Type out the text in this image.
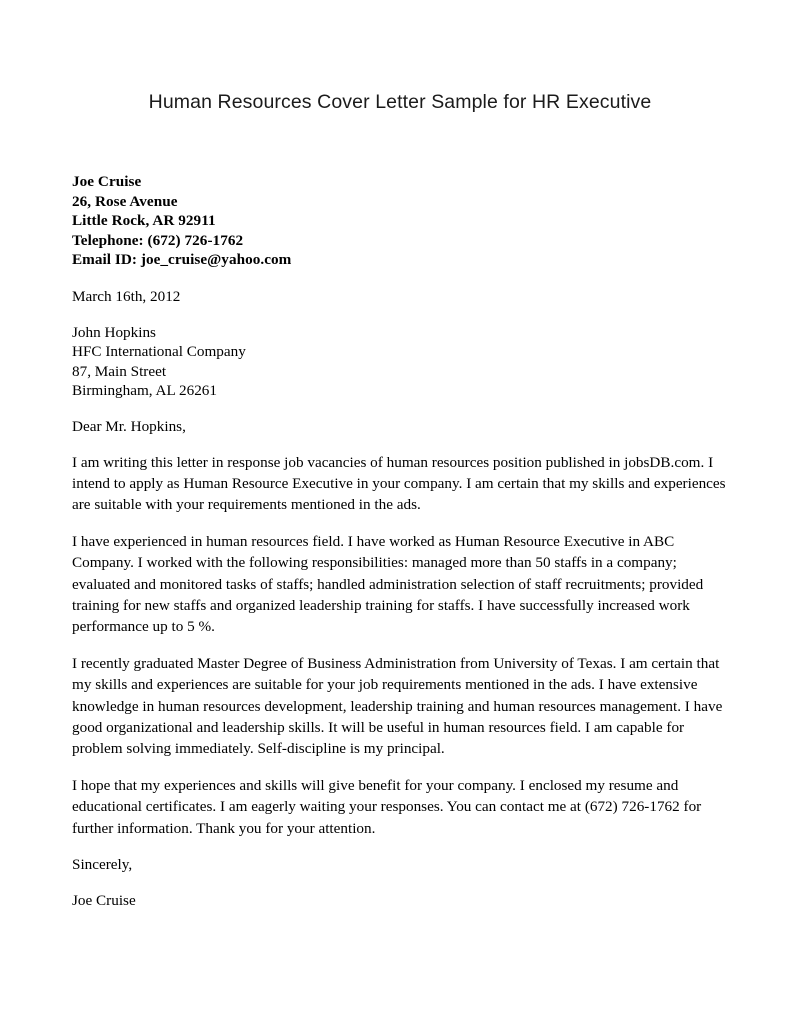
Human Resources Cover Letter Sample for HR Executive
Joe Cruise
26, Rose Avenue
Little Rock, AR 92911
Telephone: (672) 726-1762
Email ID: joe_cruise@yahoo.com
March 16th, 2012
John Hopkins
HFC International Company
87, Main Street
Birmingham, AL 26261
Dear Mr. Hopkins,
I am writing this letter in response job vacancies of human resources position published in jobsDB.com. I intend to apply as Human Resource Executive in your company. I am certain that my skills and experiences are suitable with your requirements mentioned in the ads.
I have experienced in human resources field. I have worked as Human Resource Executive in ABC Company. I worked with the following responsibilities: managed more than 50 staffs in a company; evaluated and monitored tasks of staffs; handled administration selection of staff recruitments; provided training for new staffs and organized leadership training for staffs. I have successfully increased work performance up to 5 %.
I recently graduated Master Degree of Business Administration from University of Texas. I am certain that my skills and experiences are suitable for your job requirements mentioned in the ads. I have extensive knowledge in human resources development, leadership training and human resources management. I have good organizational and leadership skills. It will be useful in human resources field. I am capable for problem solving immediately. Self-discipline is my principal.
I hope that my experiences and skills will give benefit for your company. I enclosed my resume and educational certificates. I am eagerly waiting your responses. You can contact me at (672) 726-1762 for further information. Thank you for your attention.
Sincerely,
Joe Cruise
